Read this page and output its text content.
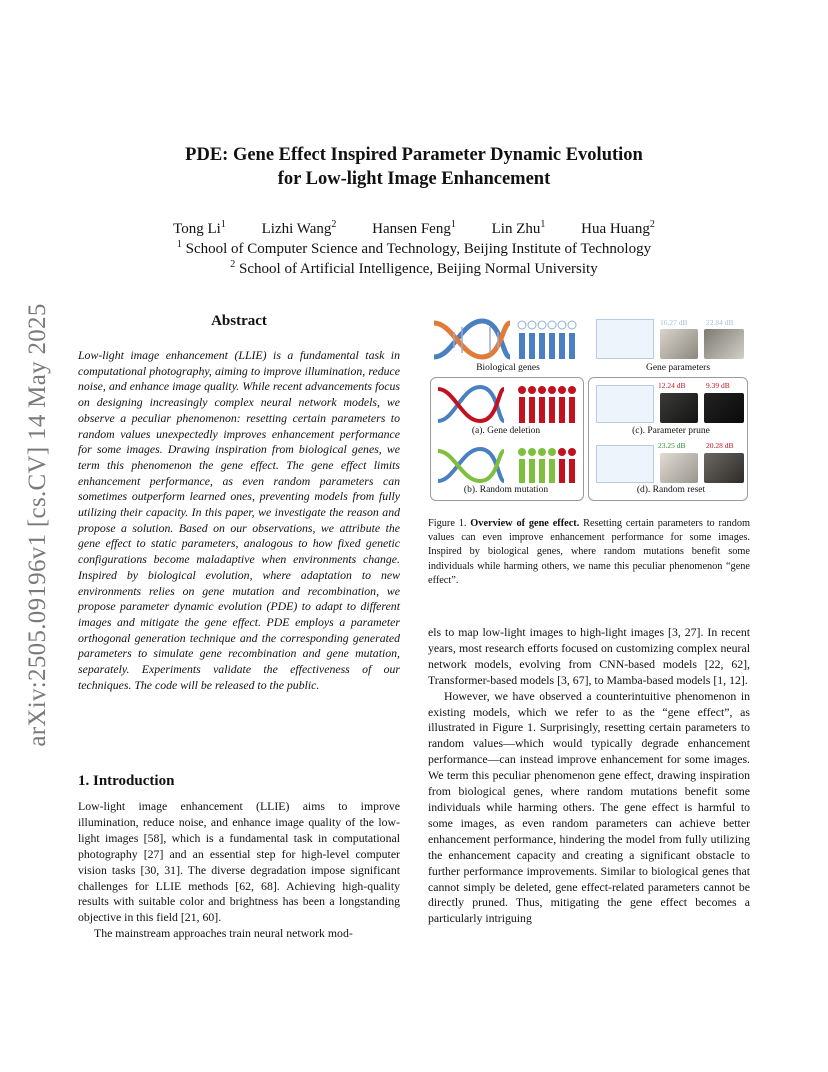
arXiv:2505.09196v1 [cs.CV] 14 May 2025
PDE: Gene Effect Inspired Parameter Dynamic Evolution
for Low-light Image Enhancement
Tong Li$^1$ Lizhi Wang$^2$ Hansen Feng$^1$ Lin Zhu$^1$ Hua Huang$^2$
$^1$ School of Computer Science and Technology, Beijing Institute of Technology
$^2$ School of Artificial Intelligence, Beijing Normal University
Abstract
Low-light image enhancement (LLIE) is a fundamental task in computational photography, aiming to improve illumination, reduce noise, and enhance image quality. While recent advancements focus on designing increasingly complex neural network models, we observe a peculiar phenomenon: resetting certain parameters to random values unexpectedly improves enhancement performance for some images. Drawing inspiration from biological genes, we term this phenomenon the gene effect. The gene effect limits enhancement performance, as even random parameters can sometimes outperform learned ones, preventing models from fully utilizing their capacity. In this paper, we investigate the reason and propose a solution. Based on our observations, we attribute the gene effect to static parameters, analogous to how fixed genetic configurations become maladaptive when environments change. Inspired by biological evolution, where adaptation to new environments relies on gene mutation and recombination, we propose parameter dynamic evolution (PDE) to adapt to different images and mitigate the gene effect. PDE employs a parameter orthogonal generation technique and the corresponding generated parameters to simulate gene recombination and gene mutation, separately. Experiments validate the effectiveness of our techniques. The code will be released to the public.
1. Introduction

Low-light image enhancement (LLIE) aims to improve illumination, reduce noise, and enhance image quality of the low-light images [58], which is a fundamental task in computational photography [27] and an essential step for high-level computer vision tasks [30, 31]. The diverse degradation impose significant challenges for LLIE methods [62, 68]. Achieving high-quality results with suitable color and brightness has been a longstanding objective in this field [21, 60].

The mainstream approaches train neural network mod-

Biological genes
16.27 dB 22.84 dB
Gene parameters
(a). Gene deletion
(b). Random mutation
12.24 dB	9.39 dB
(c). Parameter prune
23.25 dB	20.28 dB
(d). Random reset
Figure 1. Overview of gene effect. Resetting certain parameters to random values can even improve enhancement performance for some images. Inspired by biological genes, where random mutations benefit some individuals while harming others, we name this peculiar phenomenon “gene effect”.

els to map low-light images to high-light images [3, 27]. In recent years, most research efforts focused on customizing complex neural network models, evolving from CNN-based models [22, 62], Transformer-based models [3, 67], to Mamba-based models [1, 12].

However, we have observed a counterintuitive phenomenon in existing models, which we refer to as the “gene effect”, as illustrated in Figure 1. Surprisingly, resetting certain parameters to random values—which would typically degrade enhancement performance—can instead improve enhancement for some images. We term this peculiar phenomenon gene effect, drawing inspiration from biological genes, where random mutations benefit some individuals while harming others. The gene effect is harmful to some images, as even random parameters can achieve better enhancement performance, hindering the model from fully utilizing the enhancement capacity and creating a significant obstacle to further performance improvements. Similar to biological genes that cannot simply be deleted, gene effect-related parameters cannot be directly pruned. Thus, mitigating the gene effect becomes a particularly intriguing
